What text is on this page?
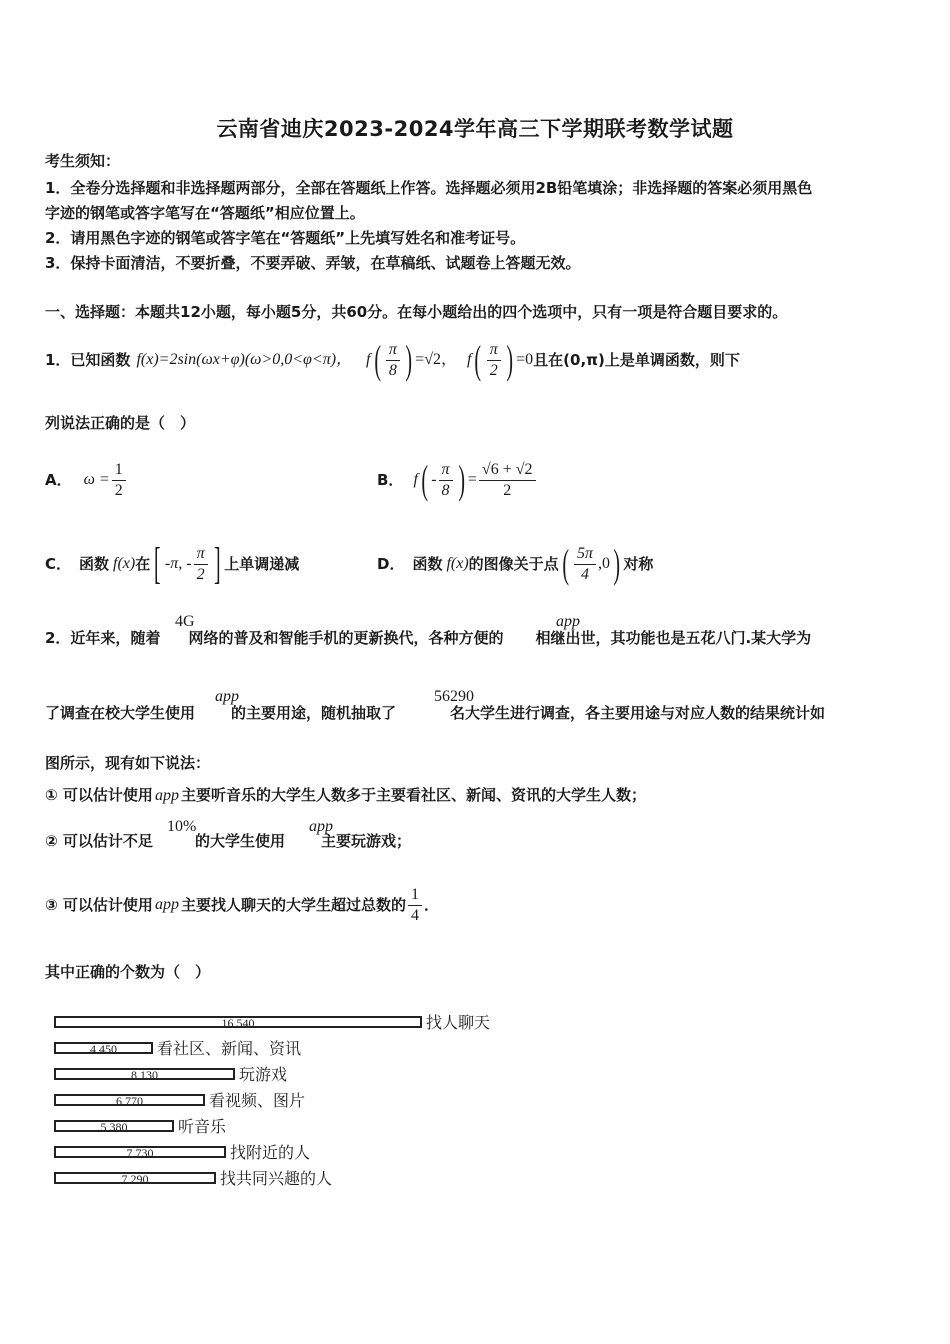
云南省迪庆2023-2024学年高三下学期联考数学试题
考生须知：
1．全卷分选择题和非选择题两部分，全部在答题纸上作答。选择题必须用2B铅笔填涂；非选择题的答案必须用黑色
字迹的钢笔或答字笔写在“答题纸”相应位置上。
2．请用黑色字迹的钢笔或答字笔在“答题纸”上先填写姓名和准考证号。
3．保持卡面清洁，不要折叠，不要弄破、弄皱，在草稿纸、试题卷上答题无效。
一、选择题：本题共12小题，每小题5分，共60分。在每小题给出的四个选项中，只有一项是符合题目要求的。
1．已知函数 f(x)=2sin(ωx+φ)(ω>0,0<φ<π)， f ( $\frac{\pi}{8}$ ) =√2 ， f ( $\frac{\pi}{2}$ ) =0 且在(0,π)上是单调函数，则下
列说法正确的是（　）
A． $\omega = \frac{1}{2}$	B． f ( - $\frac{\pi}{8}$ ) = $\frac{√6 + √2}{2}$
C． 函数 f(x) 在 [ -π, - $\frac{\pi}{2}$ ] 上单调递减	D． 函数 f(x) 的图像关于点 ( $\frac{5\pi}{4} ,0$ ) 对称
2．近年来，随着 网络的普及和智能手机的更新换代，各种方便的 相继出世，其功能也是五花八门.某大学为
4G	app
了调查在校大学生使用 的主要用途，随机抽取了	名大学生进行调查，各主要用途与对应人数的结果统计如
app	56290
图所示，现有如下说法：
① 可以估计使用 app 主要听音乐的大学生人数多于主要看社区、新闻、资讯的大学生人数；
② 可以估计不足	的大学生使用 主要玩游戏；
10%	app
③ 可以估计使用 app 主要找人聊天的大学生超过总数的 $\frac{1}{4}$ ．
其中正确的个数为（　）
16 540	找人聊天
4 450	看社区、新闻、资讯
8 130	玩游戏
6 770	看视频、图片
5 380	听音乐
7 730	找附近的人
7 290	找共同兴趣的人
